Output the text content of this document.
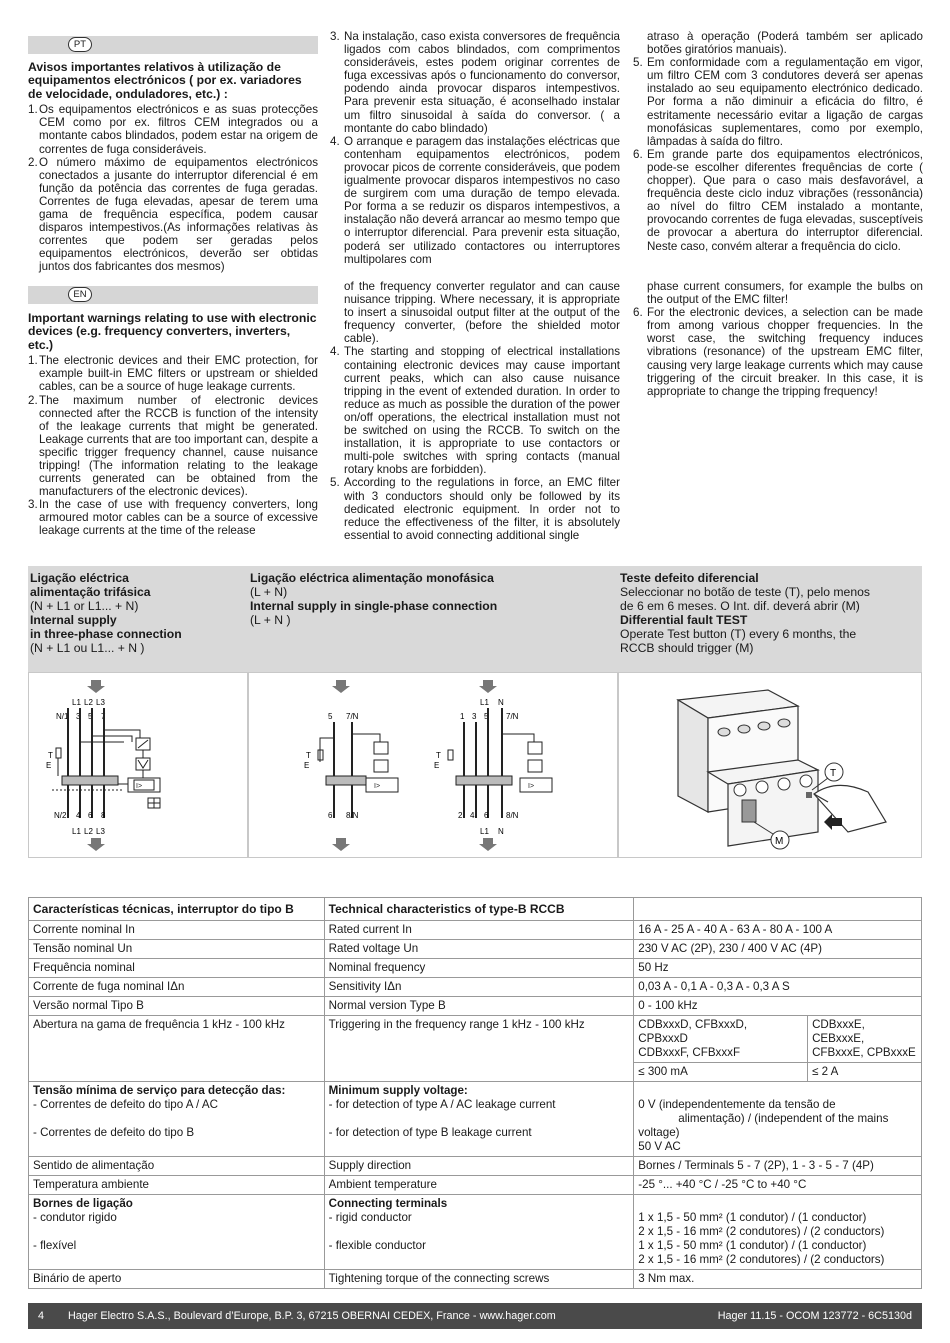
PT
Avisos importantes relativos à utilização de equipamentos electrónicos ( por ex. variadores de velocidade, onduladores, etc.) :
1. Os equipamentos electrónicos e as suas protecções CEM como por ex. filtros CEM integrados ou a montante cabos blindados, podem estar na origem de correntes de fuga consideráveis.
2. O número máximo de equipamentos electrónicos conectados a jusante do interruptor diferencial é em função da potência das correntes de fuga geradas. Correntes de fuga elevadas, apesar de terem uma gama de frequência específica, podem causar disparos intempestivos.(As informações relativas às correntes que podem ser geradas pelos equipamentos electrónicos, deverão ser obtidas juntos dos fabricantes dos mesmos)
3. Na instalação, caso exista conversores de frequência ligados com cabos blindados, com comprimentos consideráveis, estes podem originar correntes de fuga excessivas após o funcionamento do conversor, podendo ainda provocar disparos intempestivos. Para prevenir esta situação, é aconselhado instalar um filtro sinusoidal à saída do conversor. ( a montante do cabo blindado)
4. O arranque e paragem das instalações eléctricas que contenham equipamentos electrónicos, podem provocar picos de corrente consideráveis, que podem igualmente provocar disparos intempestivos no caso de surgirem com uma duração de tempo elevada. Por forma a se reduzir os disparos intempestivos, a instalação não deverá arrancar ao mesmo tempo que o interruptor diferencial. Para prevenir esta situação, poderá ser utilizado contactores ou interruptores multipolares com
atraso à operação (Poderá também ser aplicado botões giratórios manuais).
5. Em conformidade com a regulamentação em vigor, um filtro CEM com 3 condutores deverá ser apenas instalado ao seu equipamento electrónico dedicado. Por forma a não diminuir a eficácia do filtro, é estritamente necessário evitar a ligação de cargas monofásicas suplementares, como por exemplo, lâmpadas à saída do filtro.
6. Em grande parte dos equipamentos electrónicos, pode-se escolher diferentes frequências de corte ( chopper). Que para o caso mais desfavorável, a frequência deste ciclo induz vibrações (ressonância) ao nível do filtro CEM instalado a montante, provocando correntes de fuga elevadas, susceptíveis de provocar a abertura do interruptor diferencial. Neste caso, convém alterar a frequência do ciclo.
EN
Important warnings relating to use with electronic devices (e.g. frequency converters, inverters, etc.)
1. The electronic devices and their EMC protection, for example built-in EMC filters or upstream or shielded cables, can be a source of huge leakage currents.
2. The maximum number of electronic devices connected after the RCCB is function of the intensity of the leakage currents that might be generated. Leakage currents that are too important can, despite a specific trigger frequency channel, cause nuisance tripping! (The information relating to the leakage currents generated can be obtained from the manufacturers of the electronic devices).
3. In the case of use with frequency converters, long armoured motor cables can be a source of excessive leakage currents at the time of the release
of the frequency converter regulator and can cause nuisance tripping. Where necessary, it is appropriate to insert a sinusoidal output filter at the output of the frequency converter, (before the shielded motor cable).
4. The starting and stopping of electrical installations containing electronic devices may cause important current peaks, which can also cause nuisance tripping in the event of extended duration. In order to reduce as much as possible the duration of the power on/off operations, the electrical installation must not be switched on using the RCCB. To switch on the installation, it is appropriate to use contactors or multi-pole switches with spring contacts (manual rotary knobs are forbidden).
5. According to the regulations in force, an EMC filter with 3 conductors should only be followed by its dedicated electronic equipment. In order not to reduce the effectiveness of the filter, it is absolutely essential to avoid connecting additional single
phase current consumers, for example the bulbs on the output of the EMC filter!
6. For the electronic devices, a selection can be made from among various chopper frequencies. In the worst case, the switching frequency induces vibrations (resonance) of the upstream EMC filter, causing very large leakage currents which may cause triggering of the circuit breaker. In this case, it is appropriate to change the tripping frequency!
Ligação eléctrica
alimentação trifásica
(N + L1 or L1... + N)
Internal supply
in three-phase connection
(N + L1 ou L1... + N )
Ligação eléctrica alimentação monofásica
(L + N)
Internal supply in single-phase connection
(L + N )
Teste defeito diferencial
Seleccionar no botão de teste (T), pelo menos
de 6 em 6 meses. O Int. dif. deverá abrir (M)
Differential fault TEST
Operate Test button (T) every 6 months, the
RCCB should trigger (M)
L1 L2 L3
N/1 3 5 7
I>
T
E
N/2 4 6 8
L1 L2 L3
5 7/N
I>
T
E
6 8/N
L1 N
1 3 5 7/N
I>
T
E
2 4 6 8/N
L1 N
T
M
Características técnicas, interruptor do tipo B	Technical characteristics of type-B RCCB		
Corrente nominal In	Rated current In	16 A - 25 A - 40 A - 63 A - 80 A - 100 A	
Tensão nominal Un	Rated voltage Un	230 V AC (2P), 230 / 400 V AC (4P)	
Frequência nominal	Nominal frequency	50 Hz	
Corrente de fuga nominal IΔn	Sensitivity IΔn	0,03 A - 0,1 A - 0,3 A - 0,3 A S	
Versão normal Tipo B	Normal version Type B	0 - 100 kHz	
Abertura na gama de frequência 1 kHz - 100 kHz	Triggering in the frequency range 1 kHz - 100 kHz	CDBxxxD, CFBxxxD,
CPBxxxD
CDBxxxF, CFBxxxF	CDBxxxE,
CEBxxxE,
CFBxxxE, CPBxxxE
		≤ 300 mA	≤ 2 A
Tensão mínima de serviço para detecção das:
- Correntes de defeito do tipo A / AC

- Correntes de defeito do tipo B	Minimum supply voltage:
- for detection of type A / AC leakage current

- for detection of type B leakage current	0 V (independentemente da tensão de
alimentação) / (independent of the mains voltage)
50 V AC	
Sentido de alimentação	Supply direction	Bornes / Terminals 5 - 7 (2P), 1 - 3 - 5 - 7 (4P)	
Temperatura ambiente	Ambient temperature	-25 °... +40 °C / -25 °C to +40 °C	
Bornes de ligação
- condutor rigido

- flexível	Connecting terminals
- rigid conductor

- flexible conductor	1 x 1,5 - 50 mm² (1 condutor) / (1 conductor)
2 x 1,5 - 16 mm² (2 condutores) / (2 conductors)
1 x 1,5 - 50 mm² (1 condutor) / (1 conductor)
2 x 1,5 - 16 mm² (2 condutores) / (2 conductors)	
Binário de aperto	Tightening torque of the connecting screws	3 Nm max.	
4 Hager Electro S.A.S., Boulevard d’Europe, B.P. 3, 67215 OBERNAI CEDEX, France - www.hager.com	Hager 11.15 - OCOM 123772 - 6C5130d
